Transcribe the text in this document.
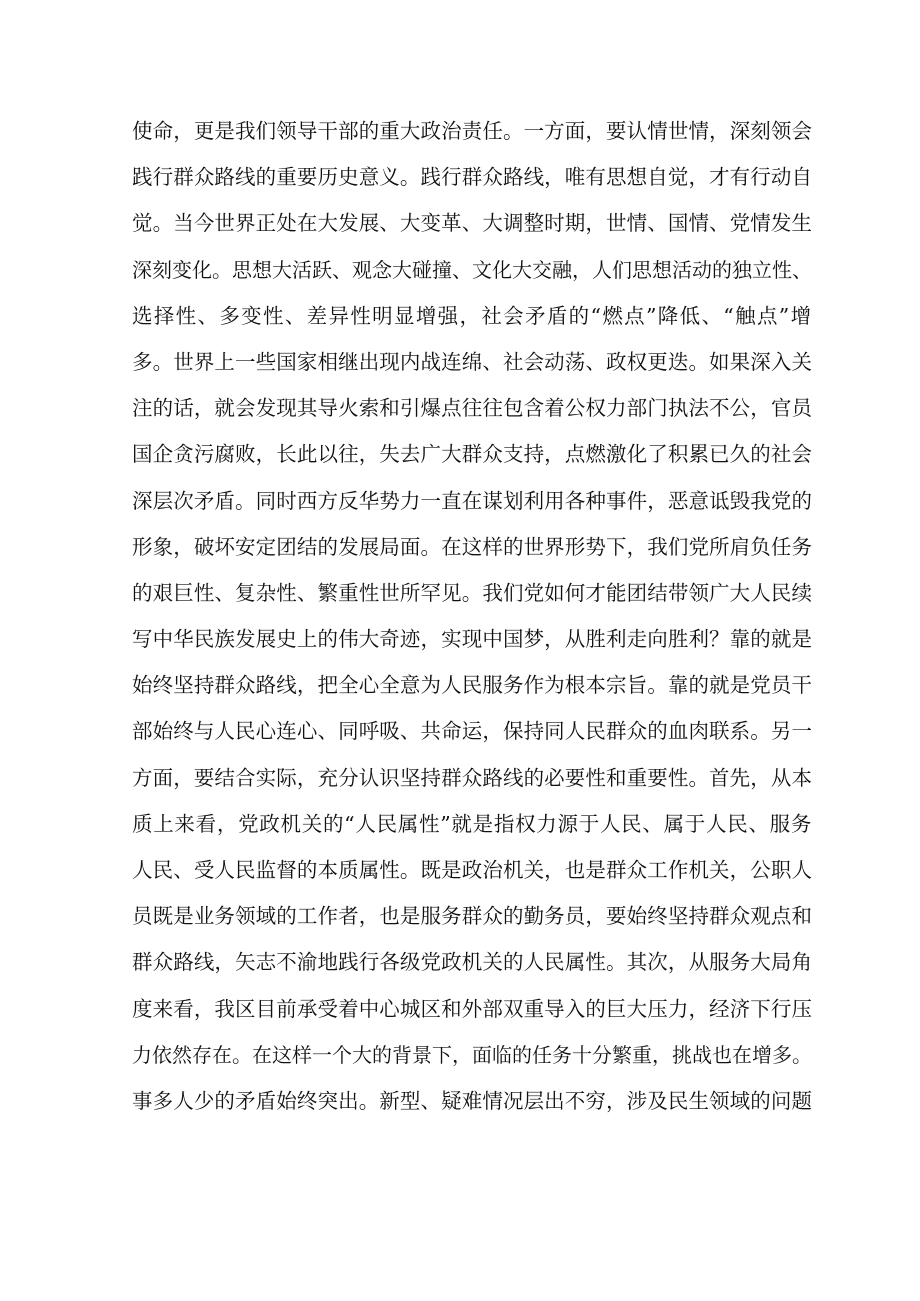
使命，更是我们领导干部的重大政治责任。一方面，要认情世情，深刻领会
践行群众路线的重要历史意义。践行群众路线，唯有思想自觉，才有行动自
觉。当今世界正处在大发展、大变革、大调整时期，世情、国情、党情发生
深刻变化。思想大活跃、观念大碰撞、文化大交融，人们思想活动的独立性、
选择性、多变性、差异性明显增强，社会矛盾的“燃点”降低、“触点”增
多。世界上一些国家相继出现内战连绵、社会动荡、政权更迭。如果深入关
注的话，就会发现其导火索和引爆点往往包含着公权力部门执法不公，官员
国企贪污腐败，长此以往，失去广大群众支持，点燃激化了积累已久的社会
深层次矛盾。同时西方反华势力一直在谋划利用各种事件，恶意诋毁我党的
形象，破坏安定团结的发展局面。在这样的世界形势下，我们党所肩负任务
的艰巨性、复杂性、繁重性世所罕见。我们党如何才能团结带领广大人民续
写中华民族发展史上的伟大奇迹，实现中国梦，从胜利走向胜利？靠的就是
始终坚持群众路线，把全心全意为人民服务作为根本宗旨。靠的就是党员干
部始终与人民心连心、同呼吸、共命运，保持同人民群众的血肉联系。另一
方面，要结合实际，充分认识坚持群众路线的必要性和重要性。首先，从本
质上来看，党政机关的“人民属性”就是指权力源于人民、属于人民、服务
人民、受人民监督的本质属性。既是政治机关，也是群众工作机关，公职人
员既是业务领域的工作者，也是服务群众的勤务员，要始终坚持群众观点和
群众路线，矢志不渝地践行各级党政机关的人民属性。其次，从服务大局角
度来看，我区目前承受着中心城区和外部双重导入的巨大压力，经济下行压
力依然存在。在这样一个大的背景下，面临的任务十分繁重，挑战也在增多。
事多人少的矛盾始终突出。新型、疑难情况层出不穷，涉及民生领域的问题
